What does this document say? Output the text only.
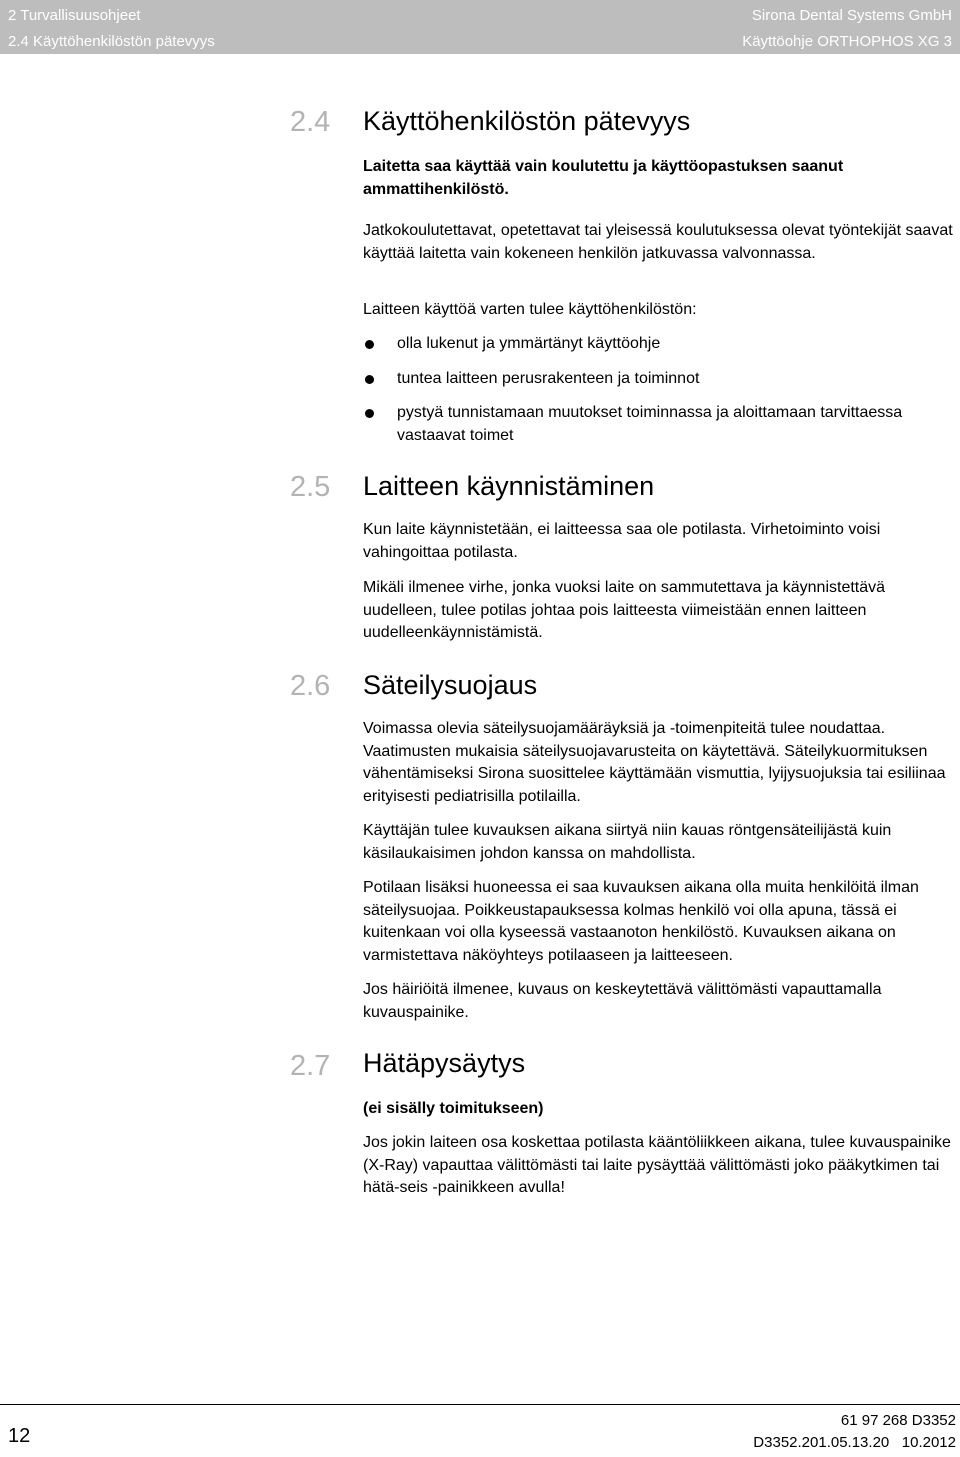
2 Turvallisuusohjeet
2.4 Käyttöhenkilöstön pätevyys
Sirona Dental Systems GmbH
Käyttöohje ORTHOPHOS XG 3
2.4	Käyttöhenkilöstön pätevyys

Laitetta saa käyttää vain koulutettu ja käyttöopastuksen saanut ammattihenkilöstö.

Jatkokoulutettavat, opetettavat tai yleisessä koulutuksessa olevat työntekijät saavat käyttää laitetta vain kokeneen henkilön jatkuvassa valvonnassa.

Laitteen käyttöä varten tulee käyttöhenkilöstön:

olla lukenut ja ymmärtänyt käyttöohje
tuntea laitteen perusrakenteen ja toiminnot
pystyä tunnistamaan muutokset toiminnassa ja aloittamaan tarvittaessa vastaavat toimet
2.5	Laitteen käynnistäminen

Kun laite käynnistetään, ei laitteessa saa ole potilasta. Virhetoiminto voisi vahingoittaa potilasta.

Mikäli ilmenee virhe, jonka vuoksi laite on sammutettava ja käynnistettävä uudelleen, tulee potilas johtaa pois laitteesta viimeistään ennen laitteen uudelleenkäynnistämistä.

2.6	Säteilysuojaus

Voimassa olevia säteilysuojamääräyksiä ja -toimenpiteitä tulee noudattaa. Vaatimusten mukaisia säteilysuojavarusteita on käytettävä. Säteilykuormituksen vähentämiseksi Sirona suosittelee käyttämään vismuttia, lyijysuojuksia tai esiliinaa erityisesti pediatrisilla potilailla.

Käyttäjän tulee kuvauksen aikana siirtyä niin kauas röntgensäteilijästä kuin käsilaukaisimen johdon kanssa on mahdollista.

Potilaan lisäksi huoneessa ei saa kuvauksen aikana olla muita henkilöitä ilman säteilysuojaa. Poikkeustapauksessa kolmas henkilö voi olla apuna, tässä ei kuitenkaan voi olla kyseessä vastaanoton henkilöstö. Kuvauksen aikana on varmistettava näköyhteys potilaaseen ja laitteeseen.

Jos häiriöitä ilmenee, kuvaus on keskeytettävä välittömästi vapauttamalla kuvauspainike.

2.7	Hätäpysäytys

(ei sisälly toimitukseen)

Jos jokin laiteen osa koskettaa potilasta kääntöliikkeen aikana, tulee kuvauspainike (X-Ray) vapauttaa välittömästi tai laite pysäyttää välittömästi joko pääkytkimen tai hätä-seis -painikkeen avulla!

12
61 97 268 D3352
D3352.201.05.13.20 10.2012
